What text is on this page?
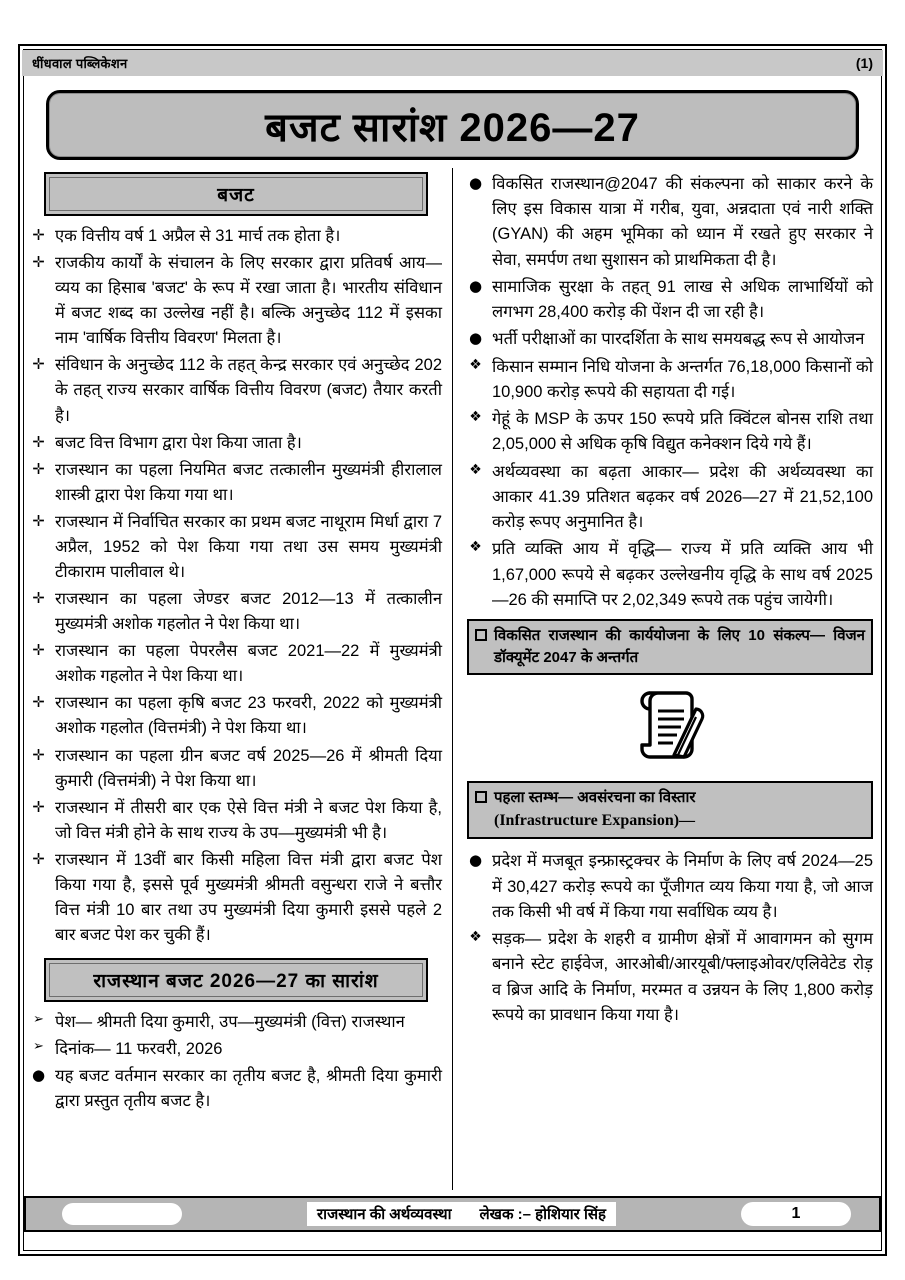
धींधवाल पब्लिकेशन	(1)
बजट सारांश 2026—27
बजट
✛ एक वित्तीय वर्ष 1 अप्रैल से 31 मार्च तक होता है।
✛ राजकीय कार्यों के संचालन के लिए सरकार द्वारा प्रतिवर्ष आय—व्यय का हिसाब 'बजट' के रूप में रखा जाता है। भारतीय संविधान में बजट शब्द का उल्लेख नहीं है। बल्कि अनुच्छेद 112 में इसका नाम 'वार्षिक वित्तीय विवरण' मिलता है।
✛ संविधान के अनुच्छेद 112 के तहत् केन्द्र सरकार एवं अनुच्छेद 202 के तहत् राज्य सरकार वार्षिक वित्तीय विवरण (बजट) तैयार करती है।
✛ बजट वित्त विभाग द्वारा पेश किया जाता है।
✛ राजस्थान का पहला नियमित बजट तत्कालीन मुख्यमंत्री हीरालाल शास्त्री द्वारा पेश किया गया था।
✛ राजस्थान में निर्वाचित सरकार का प्रथम बजट नाथूराम मिर्धा द्वारा 7 अप्रैल, 1952 को पेश किया गया तथा उस समय मुख्यमंत्री टीकाराम पालीवाल थे।
✛ राजस्थान का पहला जेण्डर बजट 2012—13 में तत्कालीन मुख्यमंत्री अशोक गहलोत ने पेश किया था।
✛ राजस्थान का पहला पेपरलैस बजट 2021—22 में मुख्यमंत्री अशोक गहलोत ने पेश किया था।
✛ राजस्थान का पहला कृषि बजट 23 फरवरी, 2022 को मुख्यमंत्री अशोक गहलोत (वित्तमंत्री) ने पेश किया था।
✛ राजस्थान का पहला ग्रीन बजट वर्ष 2025—26 में श्रीमती दिया कुमारी (वित्तमंत्री) ने पेश किया था।
✛ राजस्थान में तीसरी बार एक ऐसे वित्त मंत्री ने बजट पेश किया है, जो वित्त मंत्री होने के साथ राज्य के उप—मुख्यमंत्री भी है।
✛ राजस्थान में 13वीं बार किसी महिला वित्त मंत्री द्वारा बजट पेश किया गया है, इससे पूर्व मुख्यमंत्री श्रीमती वसुन्धरा राजे ने बत्तौर वित्त मंत्री 10 बार तथा उप मुख्यमंत्री दिया कुमारी इससे पहले 2 बार बजट पेश कर चुकी हैं।
राजस्थान बजट 2026—27 का सारांश
➢ पेश— श्रीमती दिया कुमारी, उप—मुख्यमंत्री (वित्त) राजस्थान
➢ दिनांक— 11 फरवरी, 2026
● यह बजट वर्तमान सरकार का तृतीय बजट है, श्रीमती दिया कुमारी द्वारा प्रस्तुत तृतीय बजट है।
● विकसित राजस्थान@2047 की संकल्पना को साकार करने के लिए इस विकास यात्रा में गरीब, युवा, अन्नदाता एवं नारी शक्ति (GYAN) की अहम भूमिका को ध्यान में रखते हुए सरकार ने सेवा, समर्पण तथा सुशासन को प्राथमिकता दी है।
● सामाजिक सुरक्षा के तहत् 91 लाख से अधिक लाभार्थियों को लगभग 28,400 करोड़ की पेंशन दी जा रही है।
● भर्ती परीक्षाओं का पारदर्शिता के साथ समयबद्ध रूप से आयोजन
❖ किसान सम्मान निधि योजना के अन्तर्गत 76,18,000 किसानों को 10,900 करोड़ रूपये की सहायता दी गई।
❖ गेहूं के MSP के ऊपर 150 रूपये प्रति क्विंटल बोनस राशि तथा 2,05,000 से अधिक कृषि विद्युत कनेक्शन दिये गये हैं।
❖ अर्थव्यवस्था का बढ़ता आकार— प्रदेश की अर्थव्यवस्था का आकार 41.39 प्रतिशत बढ़कर वर्ष 2026—27 में 21,52,100 करोड़ रूपए अनुमानित है।
❖ प्रति व्यक्ति आय में वृद्धि— राज्य में प्रति व्यक्ति आय भी 1,67,000 रूपये से बढ़कर उल्लेखनीय वृद्धि के साथ वर्ष 2025—26 की समाप्ति पर 2,02,349 रूपये तक पहुंच जायेगी।
विकसित राजस्थान की कार्ययोजना के लिए 10 संकल्प— विजन डॉक्यूमेंट 2047 के अन्तर्गत
पहला स्तम्भ— अवसंरचना का विस्तार
(Infrastructure Expansion)—
● प्रदेश में मजबूत इन्फ्रास्ट्रक्चर के निर्माण के लिए वर्ष 2024—25 में 30,427 करोड़ रूपये का पूँजीगत व्यय किया गया है, जो आज तक किसी भी वर्ष में किया गया सर्वाधिक व्यय है।
❖ सड़क— प्रदेश के शहरी व ग्रामीण क्षेत्रों में आवागमन को सुगम बनाने स्टेट हाईवेज, आरओबी/आरयूबी/फ्लाइओवर/एलिवेटेड रोड़ व ब्रिज आदि के निर्माण, मरम्मत व उन्नयन के लिए 1,800 करोड़ रूपये का प्रावधान किया गया है।
राजस्थान की अर्थव्यवस्था	लेखक :– होशियार सिंह	1
